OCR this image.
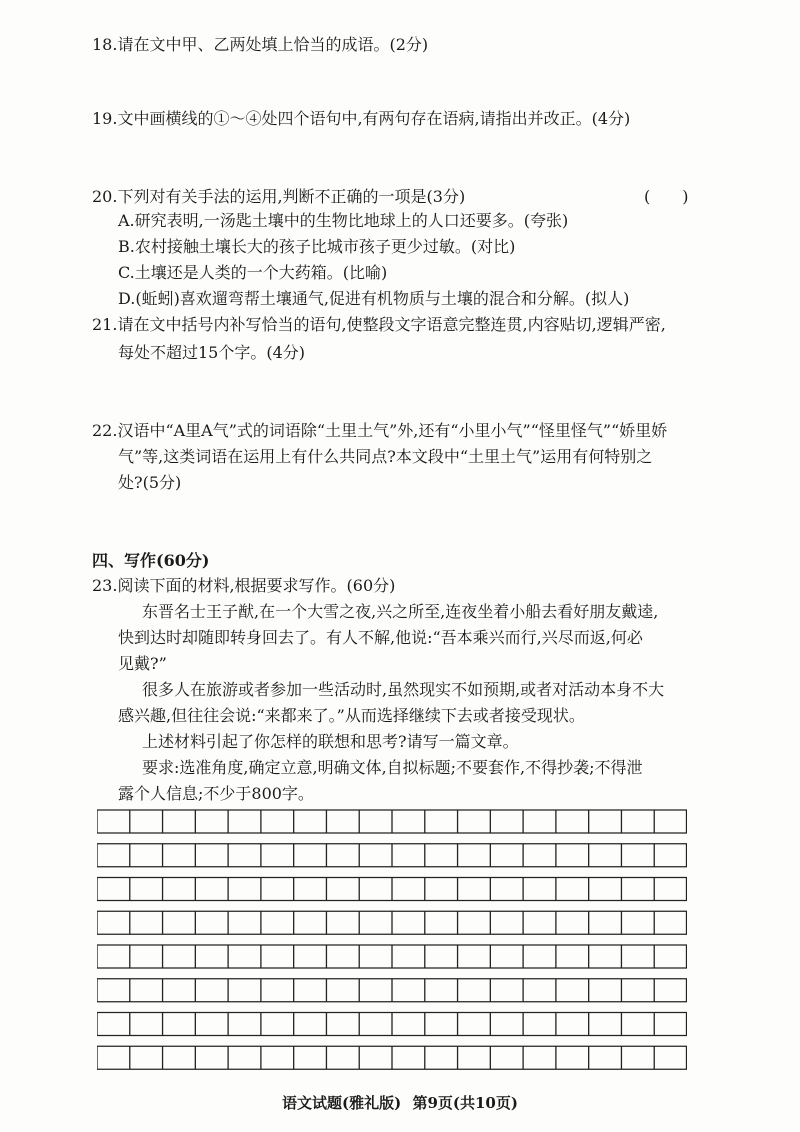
18.请在文中甲、乙两处填上恰当的成语。(2分)
19.文中画横线的①～④处四个语句中,有两句存在语病,请指出并改正。(4分)
20.下列对有关手法的运用,判断不正确的一项是(3分)	(　　)
A.研究表明,一汤匙土壤中的生物比地球上的人口还要多。(夸张)
B.农村接触土壤长大的孩子比城市孩子更少过敏。(对比)
C.土壤还是人类的一个大药箱。(比喻)
D.(蚯蚓)喜欢遛弯帮土壤通气,促进有机物质与土壤的混合和分解。(拟人)
21.请在文中括号内补写恰当的语句,使整段文字语意完整连贯,内容贴切,逻辑严密,
每处不超过15个字。(4分)
22.汉语中“A里A气”式的词语除“土里土气”外,还有“小里小气”“怪里怪气”“娇里娇
气”等,这类词语在运用上有什么共同点?本文段中“土里土气”运用有何特别之
处?(5分)
四、写作(60分)
23.阅读下面的材料,根据要求写作。(60分)
东晋名士王子猷,在一个大雪之夜,兴之所至,连夜坐着小船去看好朋友戴逵,
快到达时却随即转身回去了。有人不解,他说:“吾本乘兴而行,兴尽而返,何必
见戴?”
很多人在旅游或者参加一些活动时,虽然现实不如预期,或者对活动本身不大
感兴趣,但往往会说:“来都来了。”从而选择继续下去或者接受现状。
上述材料引起了你怎样的联想和思考?请写一篇文章。
要求:选准角度,确定立意,明确文体,自拟标题;不要套作,不得抄袭;不得泄
露个人信息;不少于800字。
语文试题(雅礼版) 第9页(共10页)
